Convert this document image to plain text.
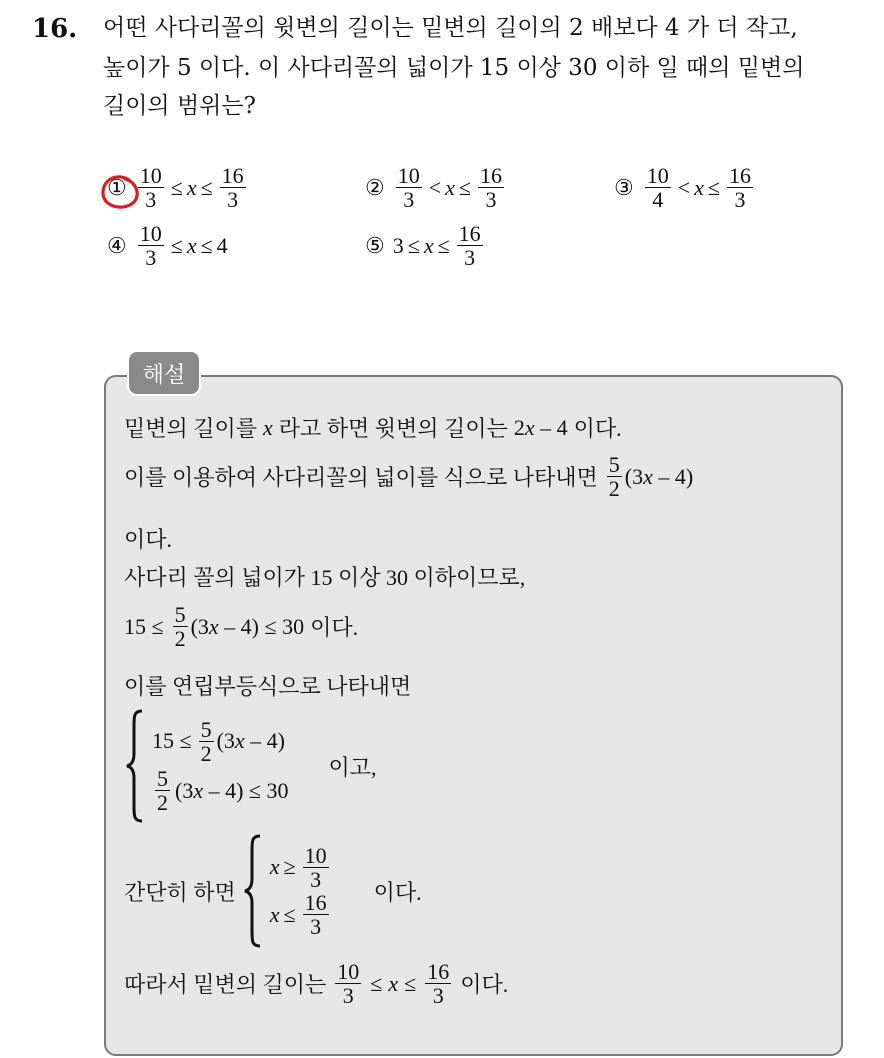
16. 어떤 사다리꼴의 윗변의 길이는 밑변의 길이의 2 배보다 4 가 더 작고,
높이가 5 이다. 이 사다리꼴의 넓이가 15 이상 30 이하 일 때의 밑변의
길이의 범위는?
① $\frac{10}{3} \le x \le \frac{16}{3}$	② $\frac{10}{3} < x \le \frac{16}{3}$	③ $\frac{10}{4} < x \le \frac{16}{3}$
④ $\frac{10}{3} \le x \le 4$	⑤ $3 \le x \le \frac{16}{3}$
해설
밑변의 길이를 x 라고 하면 윗변의 길이는 2x – 4 이다.
이를 이용하여 사다리꼴의 넓이를 식으로 나타내면 $\frac{5}{2} (3$ x
– 4)
이다.
사다리 꼴의 넓이가 15 이상 30 이하이므로,
$15 \le \frac{5}{2} (3$ x
– 4) ≤ 30 이다.
이를 연립부등식으로 나타내면
$15 \le \frac{5}{2} (3x - 4)$
$\frac{5}{2} (3x - 4) \le 30$
이고,
간단히 하면
$x \ge \frac{10}{3}$
$x \le \frac{16}{3}$ 이다.
따라서 밑변의 길이는 $\frac{10}{3} \le x \le \frac{16}{3}$ 이다.
